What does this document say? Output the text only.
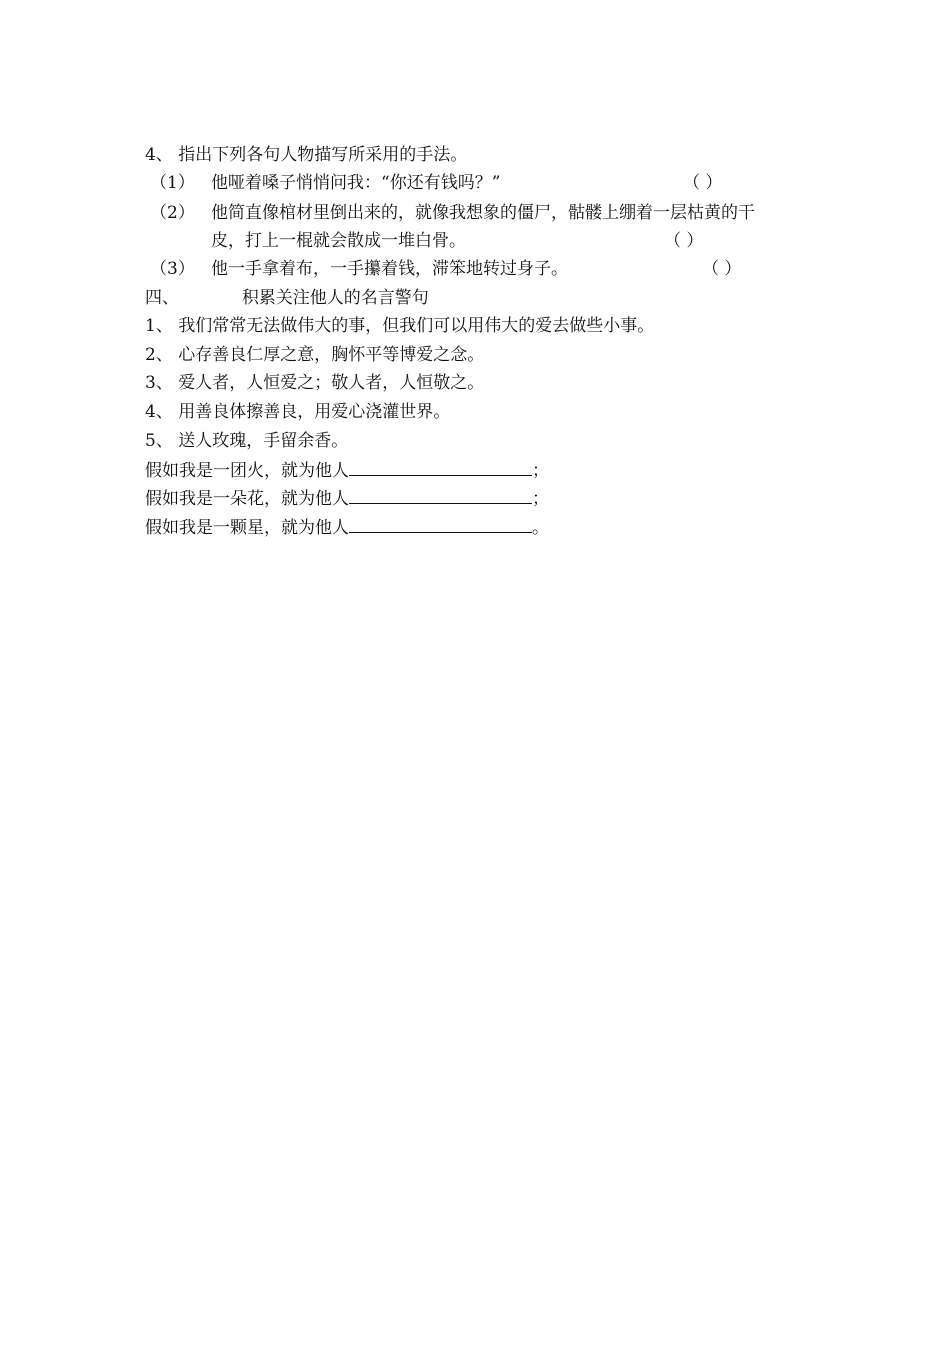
4、 指出下列各句人物描写所采用的手法。
（1） 他哑着嗓子悄悄问我：“你还有钱吗？”	（ ）
（2） 他简直像棺材里倒出来的，就像我想象的僵尸，骷髅上绷着一层枯黄的干
皮，打上一棍就会散成一堆白骨。	（ ）
（3） 他一手拿着布，一手攥着钱，滞笨地转过身子。	（ ）
四、	积累关注他人的名言警句
1、 我们常常无法做伟大的事，但我们可以用伟大的爱去做些小事。
2、 心存善良仁厚之意，胸怀平等博爱之念。
3、 爱人者，人恒爱之；敬人者，人恒敬之。
4、 用善良体擦善良，用爱心浇灌世界。
5、 送人玫瑰，手留余香。
假如我是一团火，就为他人	；
假如我是一朵花，就为他人	；
假如我是一颗星，就为他人	。
